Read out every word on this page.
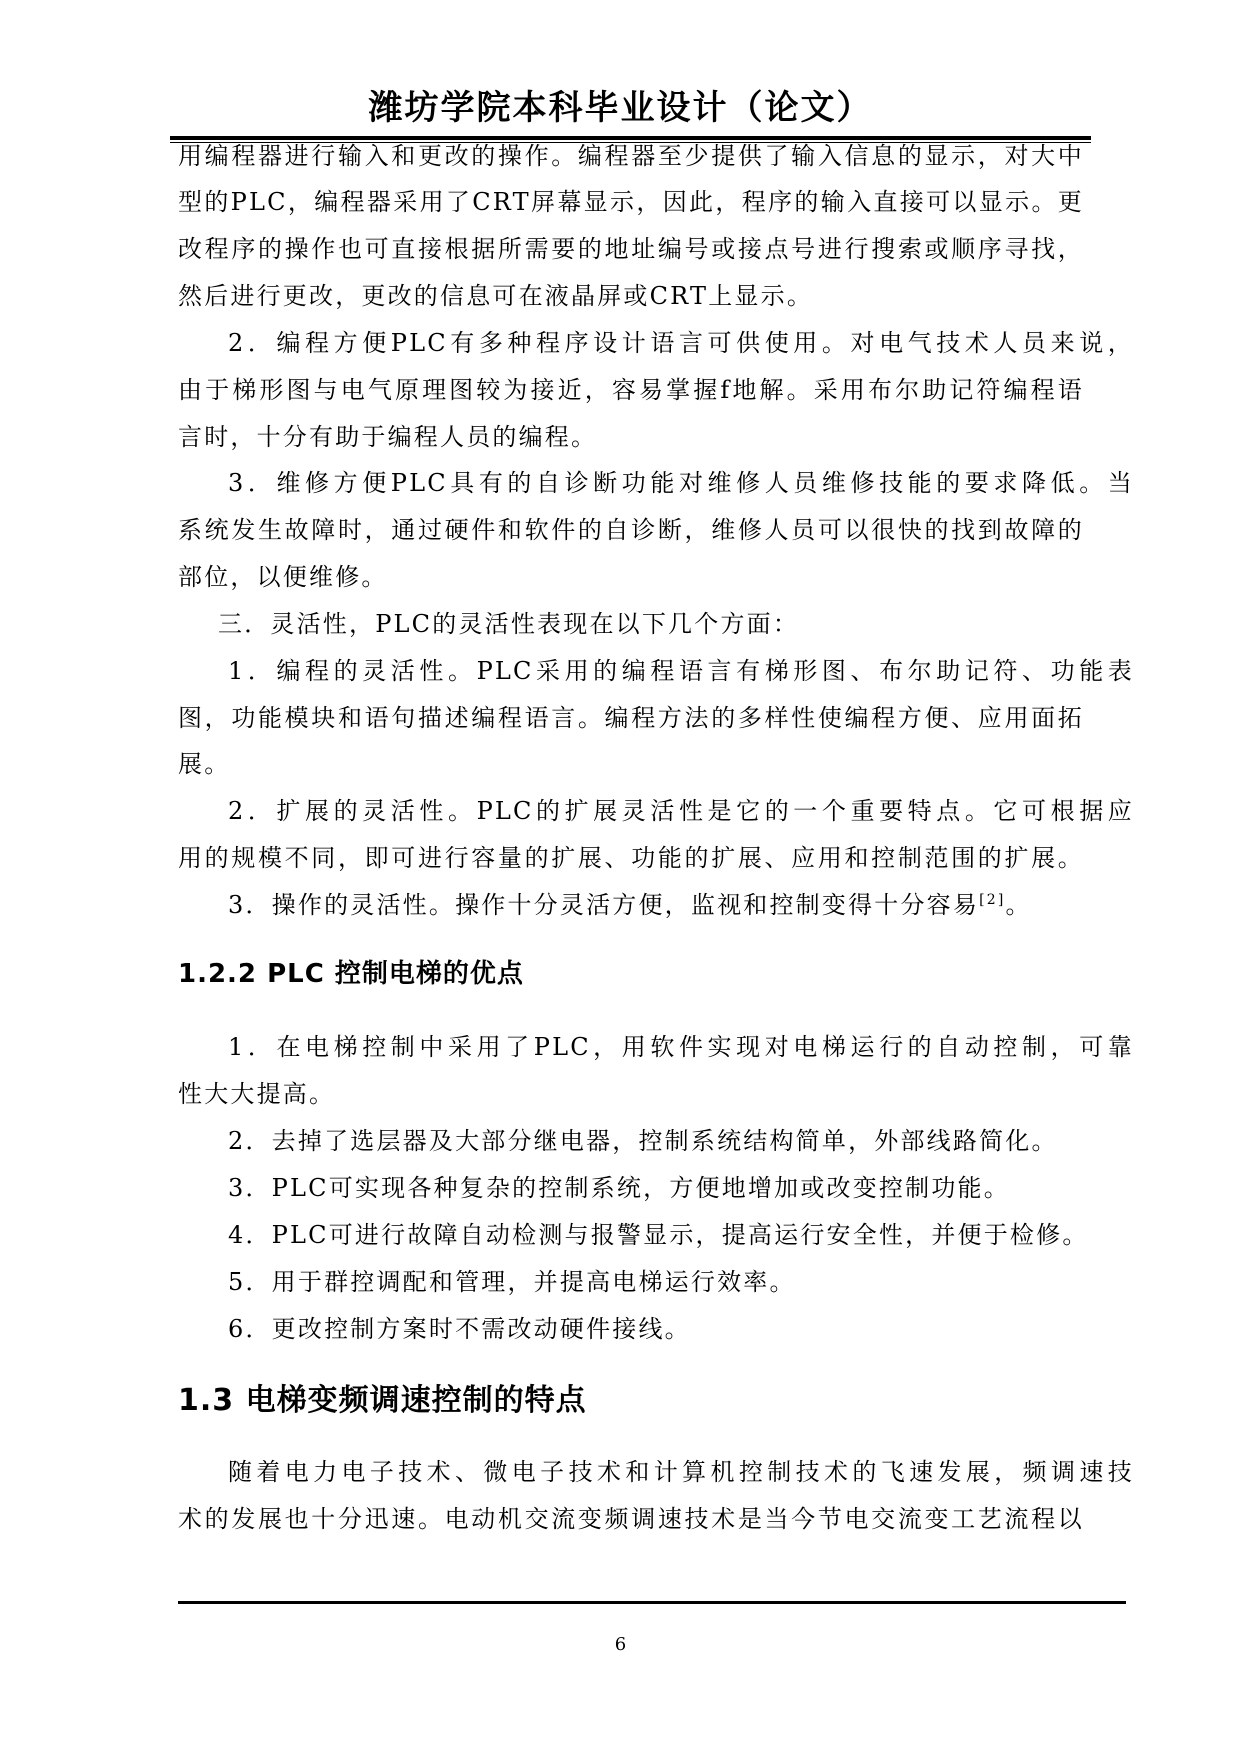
潍坊学院本科毕业设计（论文）
用编程器进行输入和更改的操作。编程器至少提供了输入信息的显示，对大中
型的PLC，编程器采用了CRT屏幕显示，因此，程序的输入直接可以显示。更
改程序的操作也可直接根据所需要的地址编号或接点号进行搜索或顺序寻找，
然后进行更改，更改的信息可在液晶屏或CRT上显示。
2．编程方便PLC有多种程序设计语言可供使用。对电气技术人员来说，
由于梯形图与电气原理图较为接近，容易掌握f地解。采用布尔助记符编程语
言时，十分有助于编程人员的编程。
3．维修方便PLC具有的自诊断功能对维修人员维修技能的要求降低。当
系统发生故障时，通过硬件和软件的自诊断，维修人员可以很快的找到故障的
部位，以便维修。
三．灵活性，PLC的灵活性表现在以下几个方面：
1．编程的灵活性。PLC采用的编程语言有梯形图、布尔助记符、功能表
图，功能模块和语句描述编程语言。编程方法的多样性使编程方便、应用面拓
展。
2．扩展的灵活性。PLC的扩展灵活性是它的一个重要特点。它可根据应
用的规模不同，即可进行容量的扩展、功能的扩展、应用和控制范围的扩展。
3．操作的灵活性。操作十分灵活方便，监视和控制变得十分容易[2]。
1.2.2 PLC 控制电梯的优点
1．在电梯控制中采用了PLC，用软件实现对电梯运行的自动控制，可靠
性大大提高。
2．去掉了选层器及大部分继电器，控制系统结构简单，外部线路简化。
3．PLC可实现各种复杂的控制系统，方便地增加或改变控制功能。
4．PLC可进行故障自动检测与报警显示，提高运行安全性，并便于检修。
5．用于群控调配和管理，并提高电梯运行效率。
6．更改控制方案时不需改动硬件接线。
1.3 电梯变频调速控制的特点
随着电力电子技术、微电子技术和计算机控制技术的飞速发展，频调速技
术的发展也十分迅速。电动机交流变频调速技术是当今节电交流变工艺流程以
6
